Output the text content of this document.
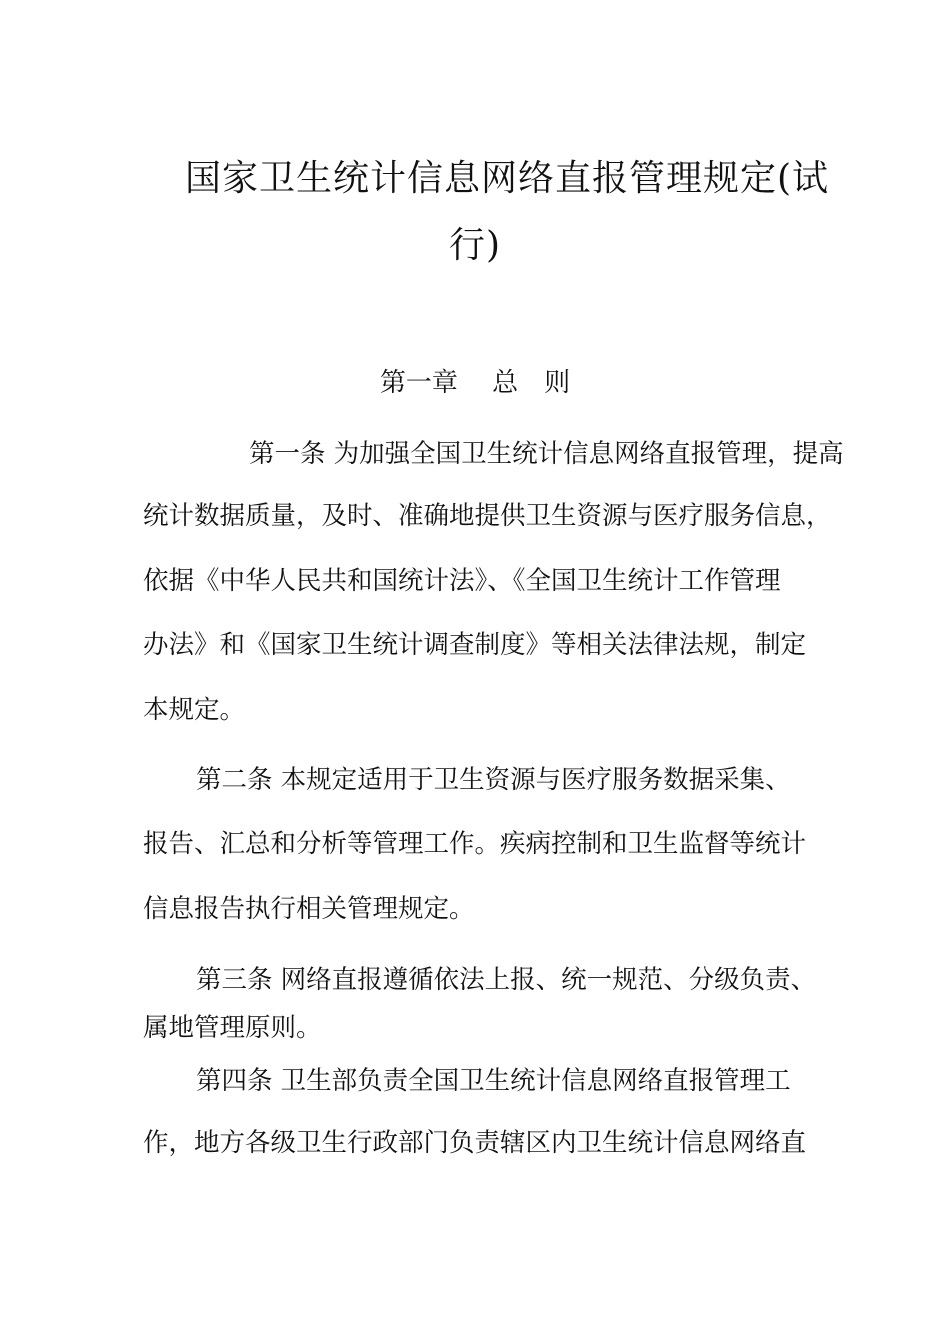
国家卫生统计信息网络直报管理规定(试
行)
第一章　 总　则
第一条 为加强全国卫生统计信息网络直报管理，提高
统计数据质量，及时、准确地提供卫生资源与医疗服务信息，
依据《中华人民共和国统计法》、《全国卫生统计工作管理
办法》和《国家卫生统计调查制度》等相关法律法规，制定
本规定。
第二条 本规定适用于卫生资源与医疗服务数据采集、
报告、汇总和分析等管理工作。疾病控制和卫生监督等统计
信息报告执行相关管理规定。
第三条 网络直报遵循依法上报、统一规范、分级负责、
属地管理原则。
第四条 卫生部负责全国卫生统计信息网络直报管理工
作，地方各级卫生行政部门负责辖区内卫生统计信息网络直
